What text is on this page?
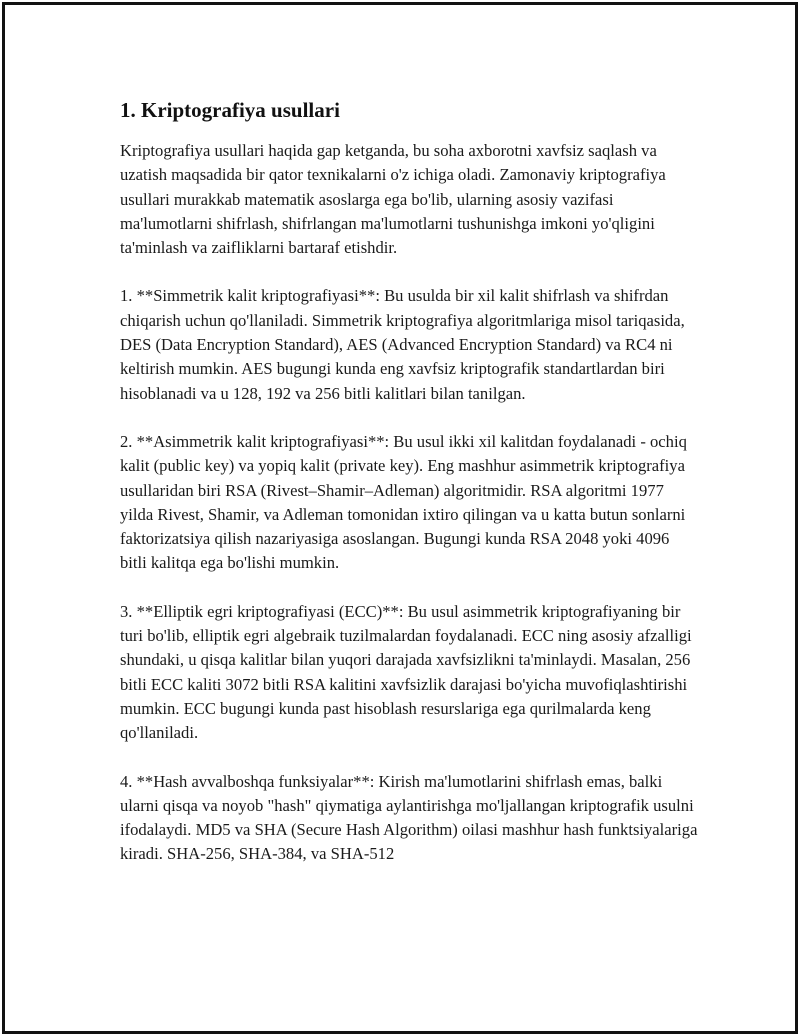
1. Kriptografiya usullari

Kriptografiya usullari haqida gap ketganda, bu soha axborotni xavfsiz saqlash va uzatish maqsadida bir qator texnikalarni o'z ichiga oladi. Zamonaviy kriptografiya usullari murakkab matematik asoslarga ega bo'lib, ularning asosiy vazifasi ma'lumotlarni shifrlash, shifrlangan ma'lumotlarni tushunishga imkoni yo'qligini ta'minlash va zaifliklarni bartaraf etishdir.

1. **Simmetrik kalit kriptografiyasi**: Bu usulda bir xil kalit shifrlash va shifrdan chiqarish uchun qo'llaniladi. Simmetrik kriptografiya algoritmlariga misol tariqasida, DES (Data Encryption Standard), AES (Advanced Encryption Standard) va RC4 ni keltirish mumkin. AES bugungi kunda eng xavfsiz kriptografik standartlardan biri hisoblanadi va u 128, 192 va 256 bitli kalitlari bilan tanilgan.

2. **Asimmetrik kalit kriptografiyasi**: Bu usul ikki xil kalitdan foydalanadi - ochiq kalit (public key) va yopiq kalit (private key). Eng mashhur asimmetrik kriptografiya usullaridan biri RSA (Rivest–Shamir–Adleman) algoritmidir. RSA algoritmi 1977 yilda Rivest, Shamir, va Adleman tomonidan ixtiro qilingan va u katta butun sonlarni faktorizatsiya qilish nazariyasiga asoslangan. Bugungi kunda RSA 2048 yoki 4096 bitli kalitqa ega bo'lishi mumkin.

3. **Elliptik egri kriptografiyasi (ECC)**: Bu usul asimmetrik kriptografiyaning bir turi bo'lib, elliptik egri algebraik tuzilmalardan foydalanadi. ECC ning asosiy afzalligi shundaki, u qisqa kalitlar bilan yuqori darajada xavfsizlikni ta'minlaydi. Masalan, 256 bitli ECC kaliti 3072 bitli RSA kalitini xavfsizlik darajasi bo'yicha muvofiqlashtirishi mumkin. ECC bugungi kunda past hisoblash resurslariga ega qurilmalarda keng qo'llaniladi.

4. **Hash avvalboshqa funksiyalar**: Kirish ma'lumotlarini shifrlash emas, balki ularni qisqa va noyob "hash" qiymatiga aylantirishga mo'ljallangan kriptografik usulni ifodalaydi. MD5 va SHA (Secure Hash Algorithm) oilasi mashhur hash funktsiyalariga kiradi. SHA-256, SHA-384, va SHA-512
